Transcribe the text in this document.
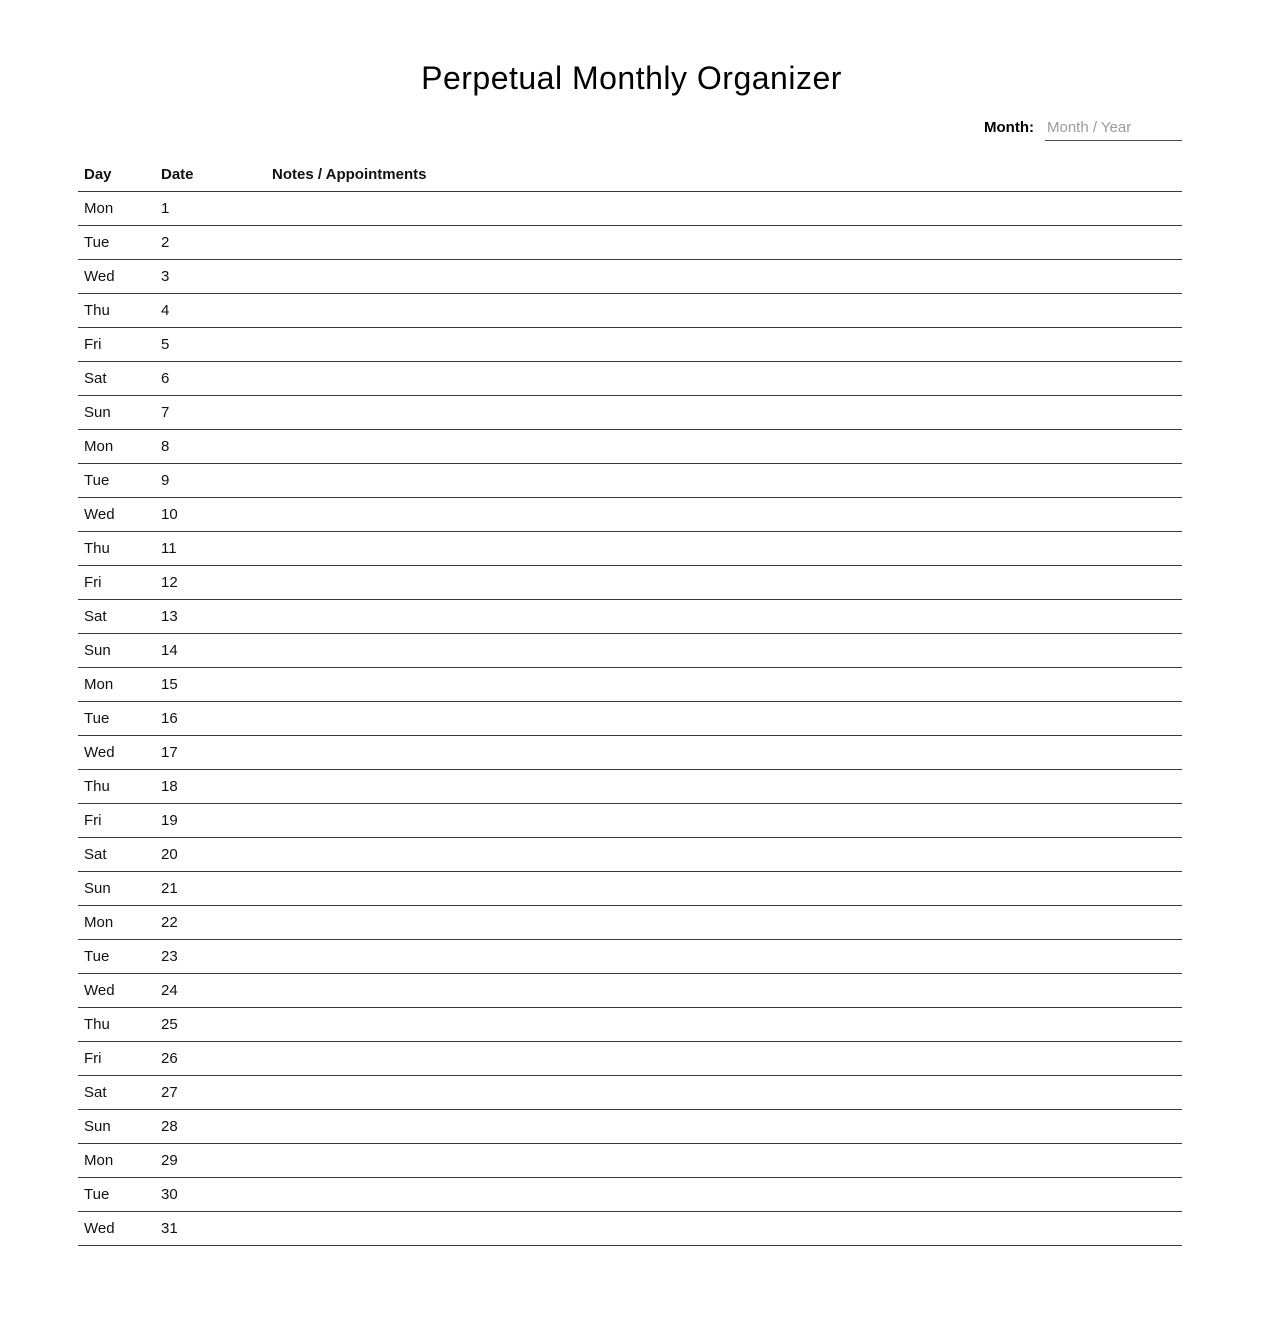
Perpetual Monthly Organizer
Month:
Month / Year
Day	Date	Notes / Appointments
Mon	1	
Tue	2	
Wed	3	
Thu	4	
Fri	5	
Sat	6	
Sun	7	
Mon	8	
Tue	9	
Wed	10	
Thu	11	
Fri	12	
Sat	13	
Sun	14	
Mon	15	
Tue	16	
Wed	17	
Thu	18	
Fri	19	
Sat	20	
Sun	21	
Mon	22	
Tue	23	
Wed	24	
Thu	25	
Fri	26	
Sat	27	
Sun	28	
Mon	29	
Tue	30	
Wed	31	
